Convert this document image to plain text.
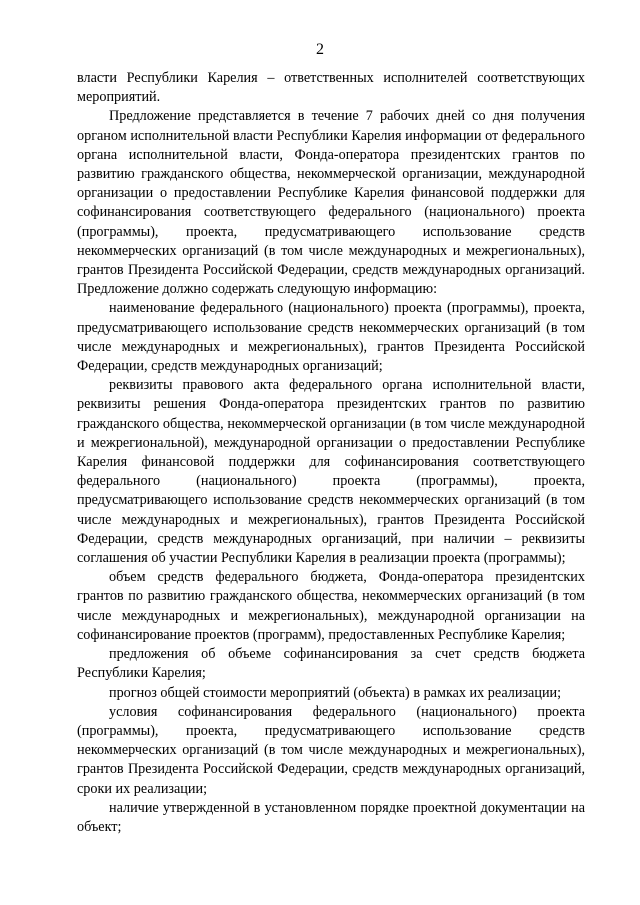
2

власти Республики Карелия – ответственных исполнителей соответствующих мероприятий.

Предложение представляется в течение 7 рабочих дней со дня получения органом исполнительной власти Республики Карелия информации от федерального органа исполнительной власти, Фонда-оператора президентских грантов по развитию гражданского общества, некоммерческой организации, международной организации о предоставлении Республике Карелия финансовой поддержки для софинансирования соответствующего федерального (национального) проекта (программы), проекта, предусматривающего использование средств некоммерческих организаций (в том числе международных и межрегиональных), грантов Президента Российской Федерации, средств международных организаций. Предложение должно содержать следующую информацию:

наименование федерального (национального) проекта (программы), проекта, предусматривающего использование средств некоммерческих организаций (в том числе международных и межрегиональных), грантов Президента Российской Федерации, средств международных организаций;

реквизиты правового акта федерального органа исполнительной власти, реквизиты решения Фонда-оператора президентских грантов по развитию гражданского общества, некоммерческой организации (в том числе международной и межрегиональной), международной организации о предоставлении Республике Карелия финансовой поддержки для софинансирования соответствующего федерального (национального) проекта (программы), проекта, предусматривающего использование средств некоммерческих организаций (в том числе международных и межрегиональных), грантов Президента Российской Федерации, средств международных организаций, при наличии – реквизиты соглашения об участии Республики Карелия в реализации проекта (программы);

объем средств федерального бюджета, Фонда-оператора президентских грантов по развитию гражданского общества, некоммерческих организаций (в том числе международных и межрегиональных), международной организации на софинансирование проектов (программ), предоставленных Республике Карелия;

предложения об объеме софинансирования за счет средств бюджета Республики Карелия;

прогноз общей стоимости мероприятий (объекта) в рамках их реализации;

условия софинансирования федерального (национального) проекта (программы), проекта, предусматривающего использование средств некоммерческих организаций (в том числе международных и межрегиональных), грантов Президента Российской Федерации, средств международных организаций, сроки их реализации;

наличие утвержденной в установленном порядке проектной документации на объект;
